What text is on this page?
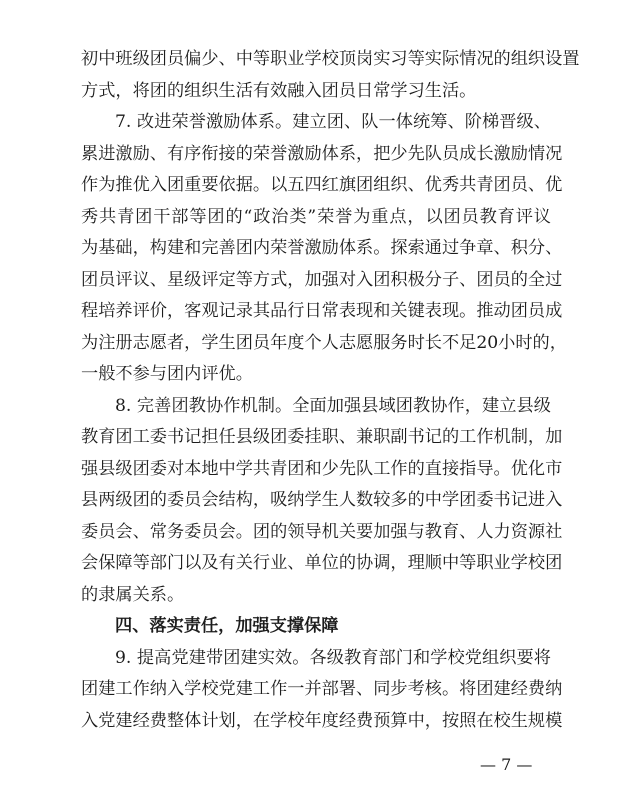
初中班级团员偏少、中等职业学校顶岗实习等实际情况的组织设置
方式，将团的组织生活有效融入团员日常学习生活。
7. 改进荣誉激励体系。建立团、队一体统筹、阶梯晋级、
累进激励、有序衔接的荣誉激励体系，把少先队员成长激励情况
作为推优入团重要依据。以五四红旗团组织、优秀共青团员、优
秀共青团干部等团的“政治类”荣誉为重点，以团员教育评议
为基础，构建和完善团内荣誉激励体系。探索通过争章、积分、
团员评议、星级评定等方式，加强对入团积极分子、团员的全过
程培养评价，客观记录其品行日常表现和关键表现。推动团员成
为注册志愿者，学生团员年度个人志愿服务时长不足20小时的，
一般不参与团内评优。
8. 完善团教协作机制。全面加强县域团教协作，建立县级
教育团工委书记担任县级团委挂职、兼职副书记的工作机制，加
强县级团委对本地中学共青团和少先队工作的直接指导。优化市
县两级团的委员会结构，吸纳学生人数较多的中学团委书记进入
委员会、常务委员会。团的领导机关要加强与教育、人力资源社
会保障等部门以及有关行业、单位的协调，理顺中等职业学校团
的隶属关系。
四、落实责任，加强支撑保障
9. 提高党建带团建实效。各级教育部门和学校党组织要将
团建工作纳入学校党建工作一并部署、同步考核。将团建经费纳
入党建经费整体计划，在学校年度经费预算中，按照在校生规模
— 7 —
